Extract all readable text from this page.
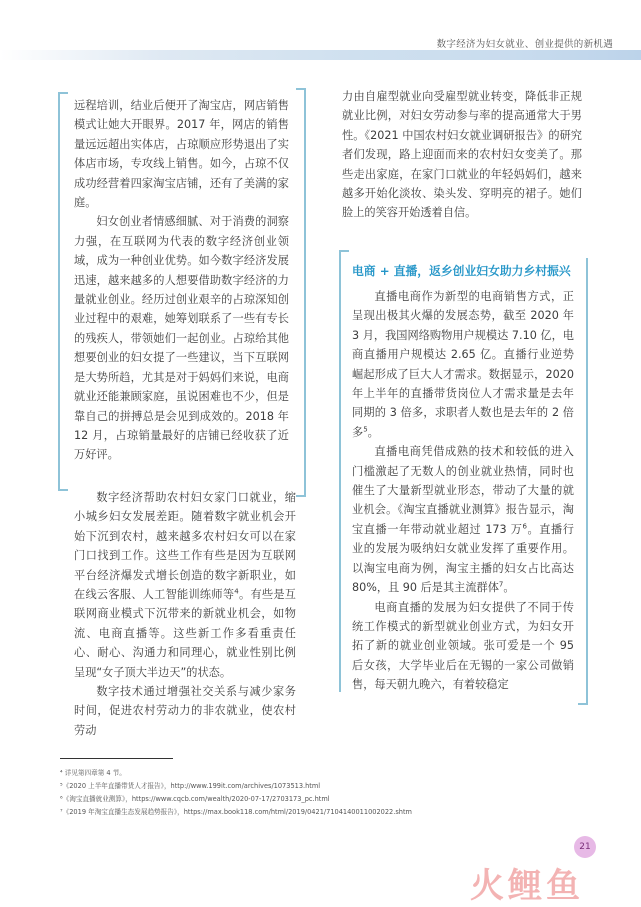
数字经济为妇女就业、创业提供的新机遇

远程培训，结业后便开了淘宝店，网店销售模式让她大开眼界。2017 年，网店的销售量远远超出实体店，占琼顺应形势退出了实体店市场，专攻线上销售。如今，占琼不仅成功经营着四家淘宝店铺，还有了美满的家庭。

妇女创业者情感细腻、对于消费的洞察力强，在互联网为代表的数字经济创业领域，成为一种创业优势。如今数字经济发展迅速，越来越多的人想要借助数字经济的力量就业创业。经历过创业艰辛的占琼深知创业过程中的艰难，她筹划联系了一些有专长的残疾人，带领她们一起创业。占琼给其他想要创业的妇女提了一些建议，当下互联网是大势所趋，尤其是对于妈妈们来说，电商就业还能兼顾家庭，虽说困难也不少，但是靠自己的拼搏总是会见到成效的。2018 年 12 月，占琼销量最好的店铺已经收获了近万好评。

数字经济帮助农村妇女家门口就业，缩小城乡妇女发展差距。随着数字就业机会开始下沉到农村，越来越多农村妇女可以在家门口找到工作。这些工作有些是因为互联网平台经济爆发式增长创造的数字新职业，如在线云客服、人工智能训练师等$^4$。有些是互联网商业模式下沉带来的新就业机会，如物流、电商直播等。这些新工作多看重责任心、耐心、沟通力和同理心，就业性别比例呈现“女子顶大半边天”的状态。

数字技术通过增强社交关系与减少家务时间，促进农村劳动力的非农就业，使农村劳动

力由自雇型就业向受雇型就业转变，降低非正规就业比例，对妇女劳动参与率的提高通常大于男性。《2021 中国农村妇女就业调研报告》的研究者们发现，路上迎面而来的农村妇女变美了。那些走出家庭，在家门口就业的年轻妈妈们，越来越多开始化淡妆、染头发、穿明亮的裙子。她们脸上的笑容开始透着自信。

电商 + 直播，返乡创业妇女助力乡村振兴

直播电商作为新型的电商销售方式，正呈现出极其火爆的发展态势，截至 2020 年 3 月，我国网络购物用户规模达 7.10 亿，电商直播用户规模达 2.65 亿。直播行业逆势崛起形成了巨大人才需求。数据显示，2020 年上半年的直播带货岗位人才需求量是去年同期的 3 倍多，求职者人数也是去年的 2 倍多$^5$。

直播电商凭借成熟的技术和较低的进入门槛激起了无数人的创业就业热情，同时也催生了大量新型就业形态，带动了大量的就业机会。《淘宝直播就业测算》报告显示，淘宝直播一年带动就业超过 173 万$^6$。直播行业的发展为吸纳妇女就业发挥了重要作用。以淘宝电商为例，淘宝主播的妇女占比高达 80%，且 90 后是其主流群体$^7$。

电商直播的发展为妇女提供了不同于传统工作模式的新型就业创业方式，为妇女开拓了新的就业创业领域。张可爱是一个 95 后女孩，大学毕业后在无锡的一家公司做销售，每天朝九晚六，有着较稳定

⁴ 详见第四章第 4 节。
⁵《2020 上半年直播带货人才报告》，http://www.199it.com/archives/1073513.html
⁶《淘宝直播就业测算》，https://www.cqcb.com/wealth/2020-07-17/2703173_pc.html
⁷《2019 年淘宝直播生态发展趋势报告》，https://max.book118.com/html/2019/0421/7104140011002022.shtm
21
火鲤鱼
